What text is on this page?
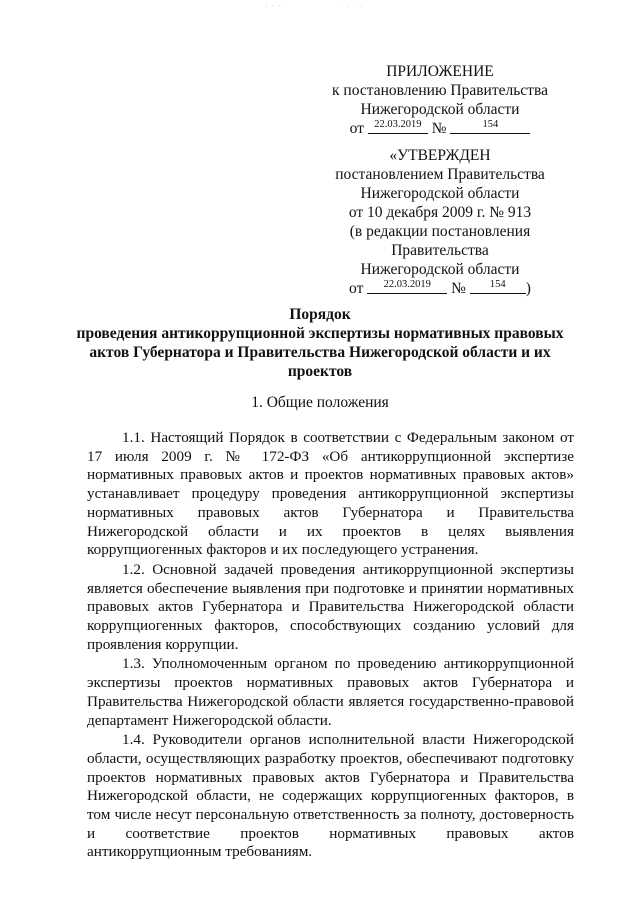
· · ·	· · · ·
ПРИЛОЖЕНИЕ
к постановлению Правительства
Нижегородской области
от $^{22.03.2019}$ №	$^{154}$
«УТВЕРЖДЕН
постановлением Правительства
Нижегородской области
от 10 декабря 2009 г. № 913
(в редакции постановления Правительства
Нижегородской области
от $^{22.03.2019}$ № $^{154}$ )
Порядок
проведения антикоррупционной экспертизы нормативных правовых
актов Губернатора и Правительства Нижегородской области и их
проектов
1. Общие положения

1.1. Настоящий Порядок в соответствии с Федеральным законом от 17 июля 2009 г. № 172-ФЗ «Об антикоррупционной экспертизе нормативных правовых актов и проектов нормативных правовых актов» устанавливает процедуру проведения антикоррупционной экспертизы нормативных правовых актов Губернатора и Правительства Нижегородской области и их проектов в целях выявления коррупциогенных факторов и их последующего устранения.

1.2. Основной задачей проведения антикоррупционной экспертизы является обеспечение выявления при подготовке и принятии нормативных правовых актов Губернатора и Правительства Нижегородской области коррупциогенных факторов, способствующих созданию условий для проявления коррупции.

1.3. Уполномоченным органом по проведению антикоррупционной экспертизы проектов нормативных правовых актов Губернатора и Правительства Нижегородской области является государственно-правовой департамент Нижегородской области.

1.4. Руководители органов исполнительной власти Нижегородской области, осуществляющих разработку проектов, обеспечивают подготовку проектов нормативных правовых актов Губернатора и Правительства Нижегородской области, не содержащих коррупциогенных факторов, в том числе несут персональную ответственность за полноту, достоверность и соответствие проектов нормативных правовых актов антикоррупционным требованиям.
